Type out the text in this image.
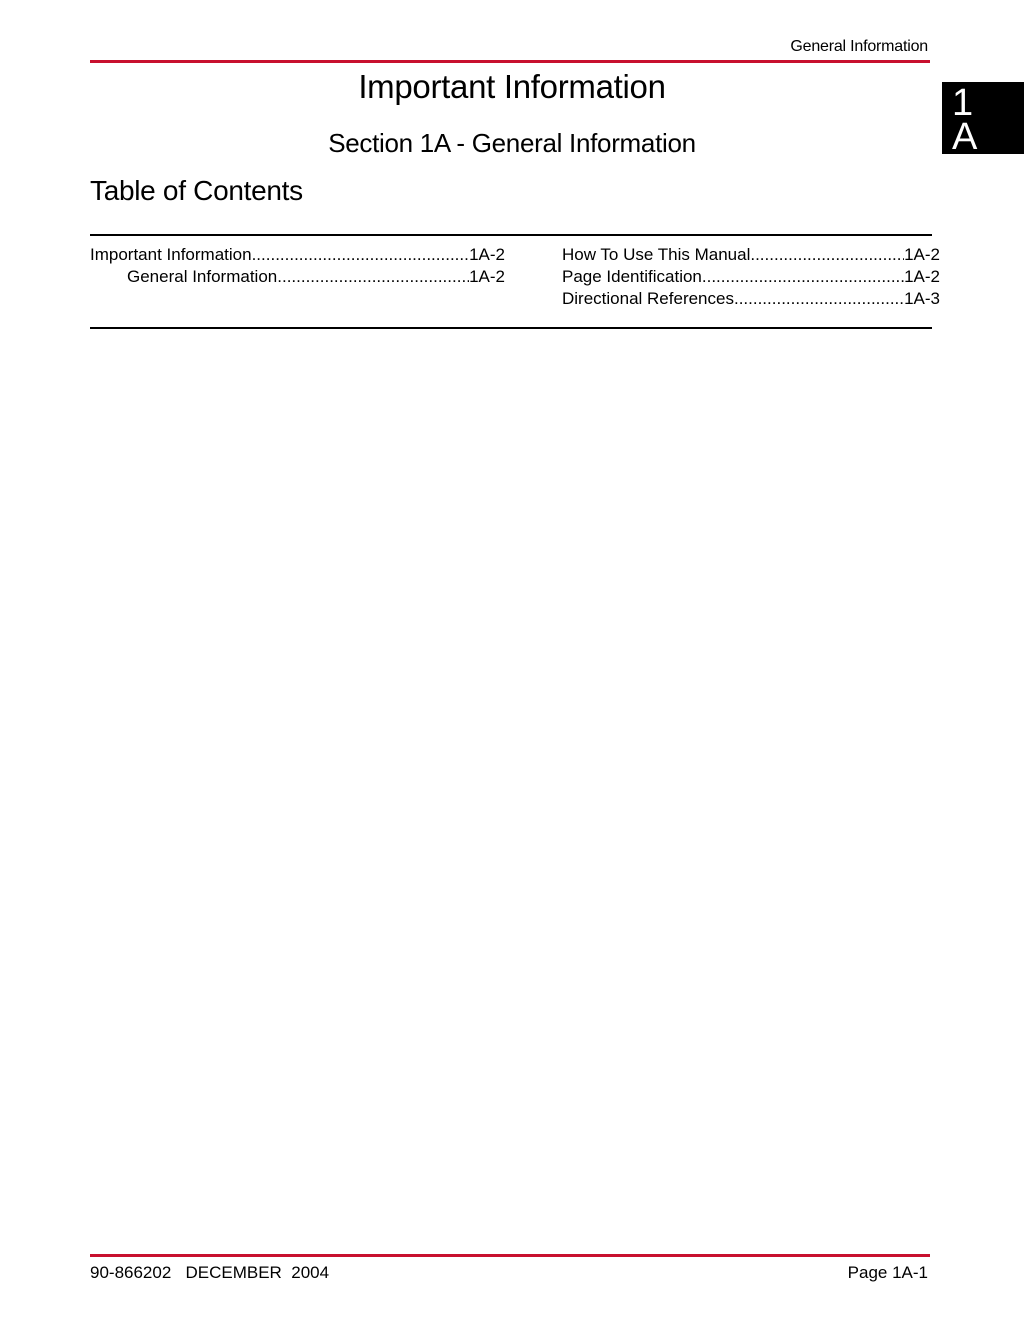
General Information
1
A
Important Information
Section 1A - General Information
Table of Contents
Important Information .....	1A-2
General Information .....	1A-2
How To Use This Manual .....	1A-2
Page Identification .....	1A-2
Directional References .....	1A-3
90-866202   DECEMBER  2004	Page 1A-1
